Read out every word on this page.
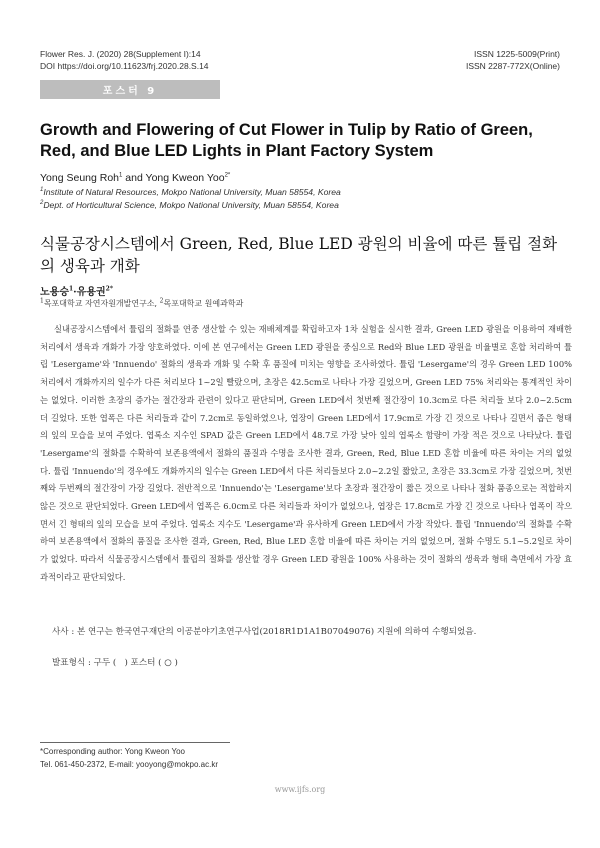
Flower Res. J. (2020) 28(Supplement I):14
DOI https://doi.org/10.11623/frj.2020.28.S.14
ISSN 1225-5009(Print)
ISSN 2287-772X(Online)
포스터 9
Growth and Flowering of Cut Flower in Tulip by Ratio of Green, Red, and Blue LED Lights in Plant Factory System
Yong Seung Roh$^1$ and Yong Kweon Yoo$^{2*}$
$^1$Institute of Natural Resources, Mokpo National University, Muan 58554, Korea
$^2$Dept. of Horticultural Science, Mokpo National University, Muan 58554, Korea
식물공장시스템에서 Green, Red, Blue LED 광원의 비율에 따른 튤립 절화의 생육과 개화
노용승$^1$·유용권$^{2*}$
$^1$목포대학교 자연자원개발연구소, $^2$목포대학교 원예과학과
실내공장시스템에서 튤립의 절화를 연중 생산할 수 있는 재배체계를 확립하고자 1차 실험을 실시한 결과, Green LED 광원을 이용하여 재배한 처리에서 생육과 개화가 가장 양호하였다. 이에 본 연구에서는 Green LED 광원을 중심으로 Red와 Blue LED 광원을 비율별로 혼합 처리하여 튤립 'Lesergame'와 'Innuendo' 절화의 생육과 개화 및 수확 후 품질에 미치는 영향을 조사하였다. 튤립 'Lesergame'의 경우 Green LED 100% 처리에서 개화까지의 일수가 다른 처리보다 1~2일 빨랐으며, 초장은 42.5cm로 나타나 가장 길었으며, Green LED 75% 처리와는 통계적인 차이는 없었다. 이러한 초장의 증가는 절간장과 관련이 있다고 판단되며, Green LED에서 첫번째 절간장이 10.3cm로 다른 처리들 보다 2.0~2.5cm 더 길었다. 또한 엽폭은 다른 처리들과 같이 7.2cm로 동일하였으나, 엽장이 Green LED에서 17.9cm로 가장 긴 것으로 나타나 길면서 좁은 형태의 잎의 모습을 보여 주었다. 엽록소 지수인 SPAD 값은 Green LED에서 48.7로 가장 낮아 잎의 엽록소 함량이 가장 적은 것으로 나타났다. 튤립 'Lesergame'의 절화를 수확하여 보존용액에서 절화의 품질과 수명을 조사한 결과, Green, Red, Blue LED 혼합 비율에 따른 차이는 거의 없었다. 튤립 'Innuendo'의 경우에도 개화까지의 일수는 Green LED에서 다른 처리들보다 2.0~2.2일 짧았고, 초장은 33.3cm로 가장 길었으며, 첫번째와 두번째의 절간장이 가장 길었다. 전반적으로 'Innuendo'는 'Lesergame'보다 초장과 절간장이 짧은 것으로 나타나 절화 품종으로는 적합하지 않은 것으로 판단되었다. Green LED에서 엽폭은 6.0cm로 다른 처리들과 차이가 없었으나, 엽장은 17.8cm로 가장 긴 것으로 나타나 엽폭이 작으면서 긴 형태의 잎의 모습을 보여 주었다. 엽록소 지수도 'Lesergame'과 유사하게 Green LED에서 가장 작았다. 튤립 'Innuendo'의 절화를 수확하여 보존용액에서 절화의 품질을 조사한 결과, Green, Red, Blue LED 혼합 비율에 따른 차이는 거의 없었으며, 절화 수명도 5.1~5.2일로 차이가 없었다. 따라서 식물공장시스템에서 튤립의 절화를 생산할 경우 Green LED 광원을 100% 사용하는 것이 절화의 생육과 형태 측면에서 가장 효과적이라고 판단되었다.
사사 : 본 연구는 한국연구재단의 이공분야기초연구사업(2018R1D1A1B07049076) 지원에 의하여 수행되었음.
발표형식 : 구두 (   ) 포스터 ( ○ )
*Corresponding author: Yong Kweon Yoo
Tel. 061-450-2372, E-mail: yooyong@mokpo.ac.kr
www.ijfs.org
